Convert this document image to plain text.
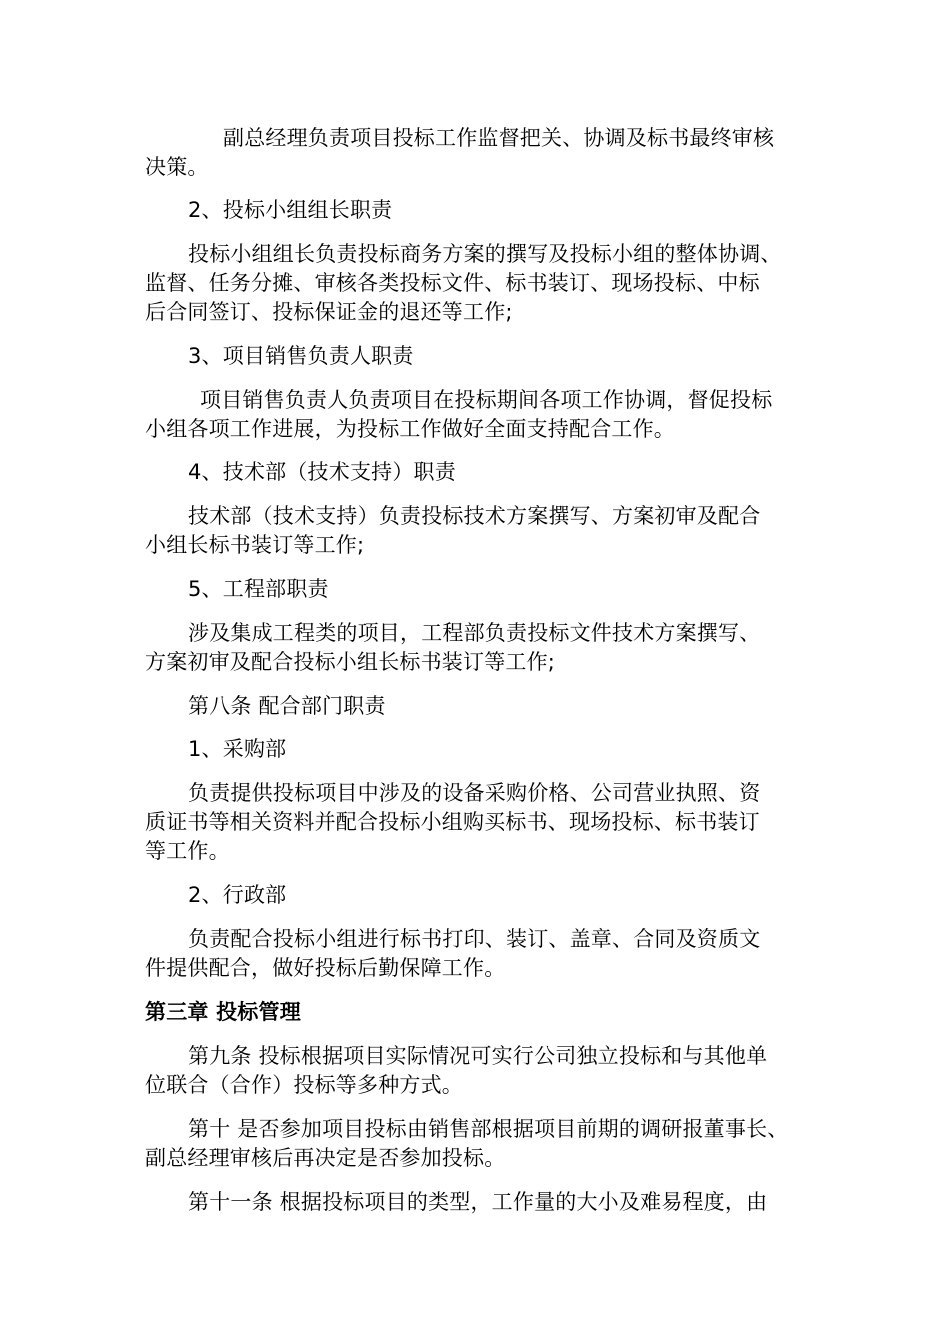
副总经理负责项目投标工作监督把关、协调及标书最终审核

决策。

2、投标小组组长职责

投标小组组长负责投标商务方案的撰写及投标小组的整体协调、

监督、任务分摊、审核各类投标文件、标书装订、现场投标、中标

后合同签订、投标保证金的退还等工作;

3、项目销售负责人职责

项目销售负责人负责项目在投标期间各项工作协调，督促投标

小组各项工作进展，为投标工作做好全面支持配合工作。

4、技术部（技术支持）职责

技术部（技术支持）负责投标技术方案撰写、方案初审及配合

小组长标书装订等工作;

5、工程部职责

涉及集成工程类的项目，工程部负责投标文件技术方案撰写、

方案初审及配合投标小组长标书装订等工作;

第八条 配合部门职责

1、采购部

负责提供投标项目中涉及的设备采购价格、公司营业执照、资

质证书等相关资料并配合投标小组购买标书、现场投标、标书装订

等工作。

2、行政部

负责配合投标小组进行标书打印、装订、盖章、合同及资质文

件提供配合，做好投标后勤保障工作。

第三章 投标管理

第九条 投标根据项目实际情况可实行公司独立投标和与其他单

位联合（合作）投标等多种方式。

第十 是否参加项目投标由销售部根据项目前期的调研报董事长、

副总经理审核后再决定是否参加投标。

第十一条 根据投标项目的类型，工作量的大小及难易程度，由
